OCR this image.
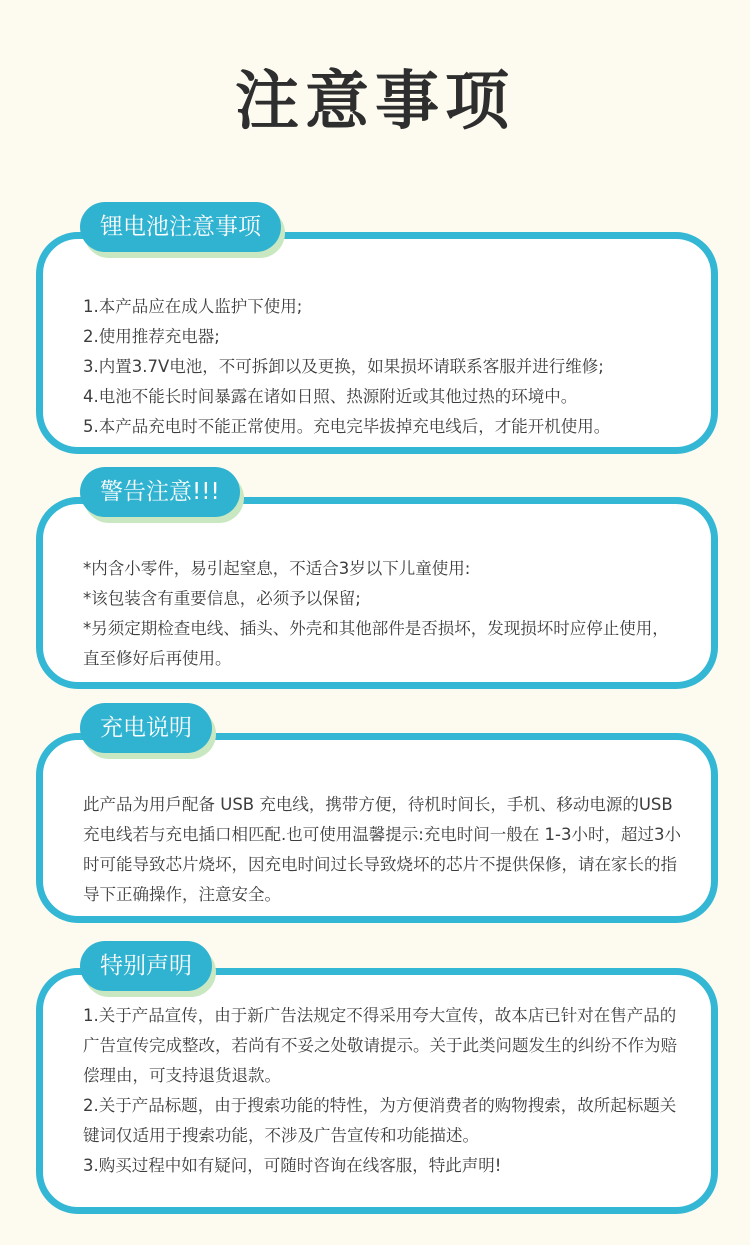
注意事项

1.本产品应在成人监护下使用;

2.使用推荐充电器;

3.内置3.7V电池，不可拆卸以及更换，如果损坏请联系客服并进行维修;

4.电池不能长时间暴露在诸如日照、热源附近或其他过热的环境中。

5.本产品充电时不能正常使用。充电完毕拔掉充电线后，才能开机使用。

锂电池注意事项

*内含小零件，易引起窒息，不适合3岁以下儿童使用:

*该包装含有重要信息，必须予以保留;

*另须定期检查电线、插头、外壳和其他部件是否损坏，发现损坏时应停止使用，直至修好后再使用。

警告注意!!!

此产品为用戶配备 USB 充电线，携带方便，待机时间长，手机、移动电源的USB充电线若与充电插口相匹配.也可使用温馨提示:充电时间一般在 1-3小时，超过3小时可能导致芯片烧坏，因充电时间过长导致烧坏的芯片不提供保修，请在家长的指导下正确操作，注意安全。

充电说明

1.关于产品宣传，由于新广告法规定不得采用夸大宣传，故本店已针对在售产品的广告宣传完成整改，若尚有不妥之处敬请提示。关于此类问题发生的纠纷不作为赔偿理由，可支持退货退款。

2.关于产品标题，由于搜索功能的特性，为方便消费者的购物搜索，故所起标题关键词仅适用于搜索功能，不涉及广告宣传和功能描述。

3.购买过程中如有疑问，可随时咨询在线客服，特此声明!

特别声明
